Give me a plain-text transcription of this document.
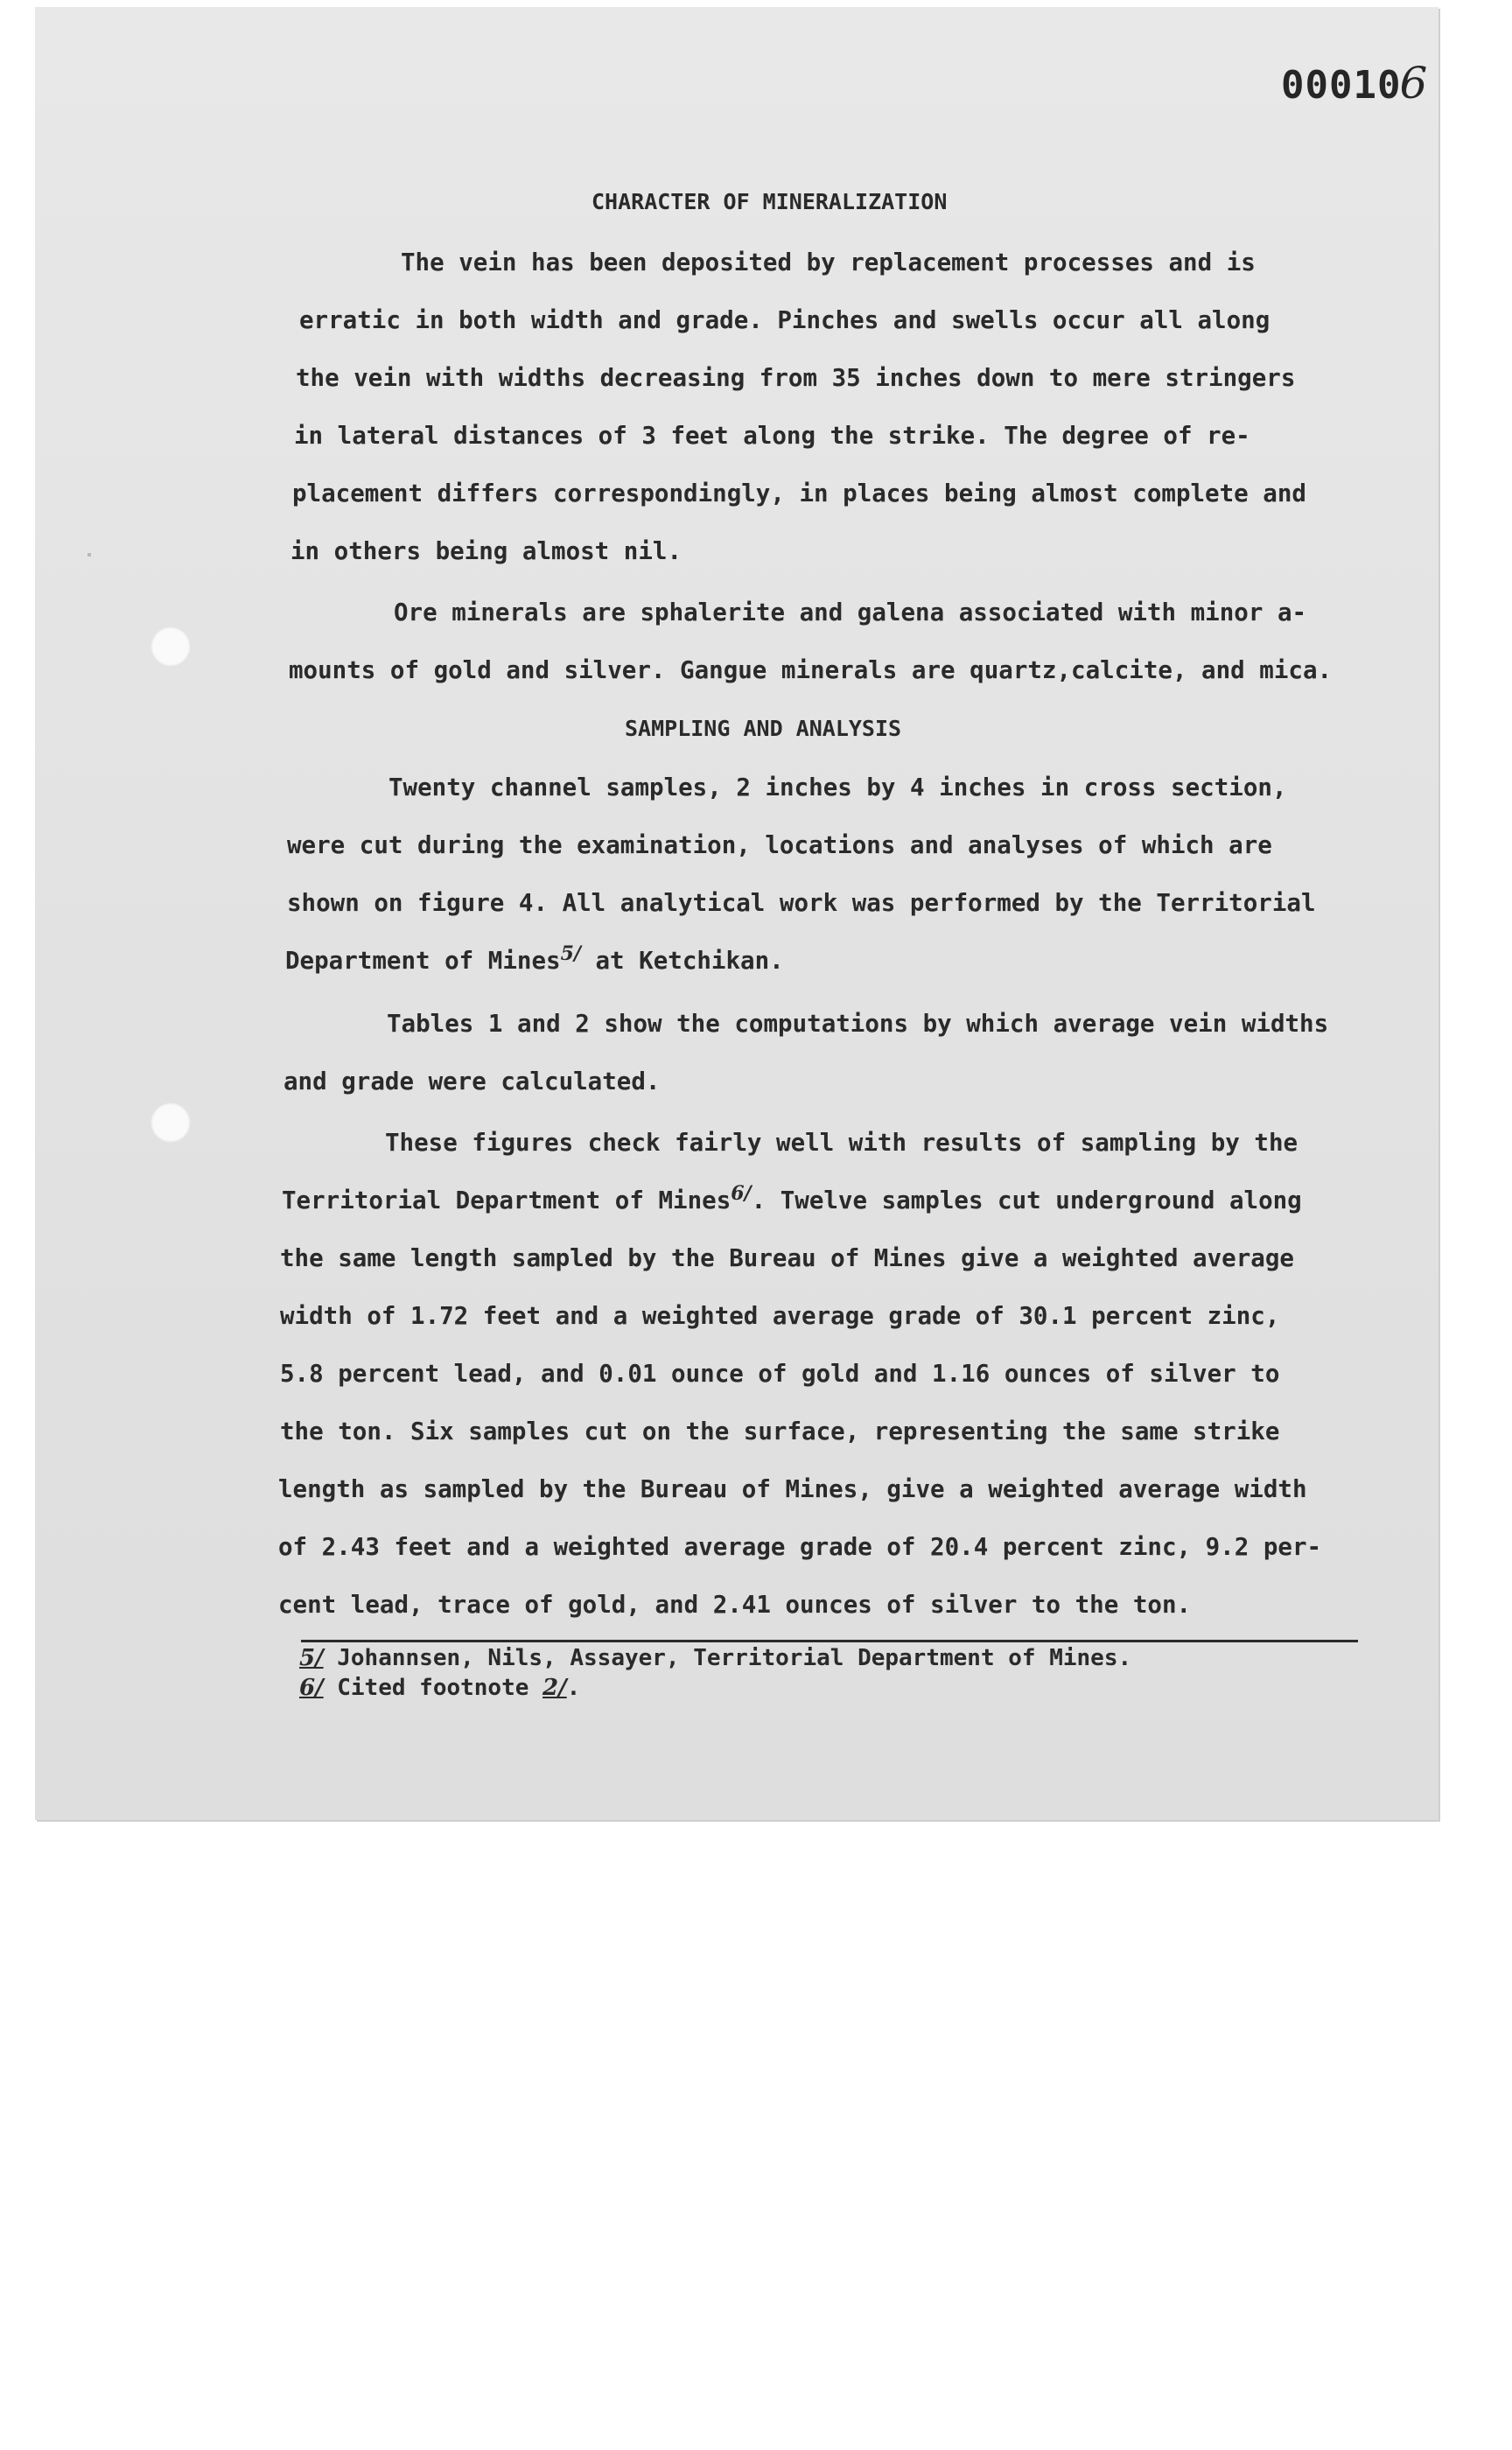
000106
CHARACTER OF MINERALIZATION
The vein has been deposited by replacement processes and is
erratic in both width and grade. Pinches and swells occur all along
the vein with widths decreasing from 35 inches down to mere stringers
in lateral distances of 3 feet along the strike. The degree of re-
placement differs correspondingly, in places being almost complete and
in others being almost nil.
Ore minerals are sphalerite and galena associated with minor a-
mounts of gold and silver. Gangue minerals are quartz,calcite, and mica.
SAMPLING AND ANALYSIS
Twenty channel samples, 2 inches by 4 inches in cross section,
were cut during the examination, locations and analyses of which are
shown on figure 4. All analytical work was performed by the Territorial
Department of Mines$^{5/}$ at Ketchikan.
Tables 1 and 2 show the computations by which average vein widths
and grade were calculated.
These figures check fairly well with results of sampling by the
Territorial Department of Mines$^{6/}$. Twelve samples cut underground along
the same length sampled by the Bureau of Mines give a weighted average
width of 1.72 feet and a weighted average grade of 30.1 percent zinc,
5.8 percent lead, and 0.01 ounce of gold and 1.16 ounces of silver to
the ton. Six samples cut on the surface, representing the same strike
length as sampled by the Bureau of Mines, give a weighted average width
of 2.43 feet and a weighted average grade of 20.4 percent zinc, 9.2 per-
cent lead, trace of gold, and 2.41 ounces of silver to the ton.
5/ Johannsen, Nils, Assayer, Territorial Department of Mines.
6/ Cited footnote 2/.
